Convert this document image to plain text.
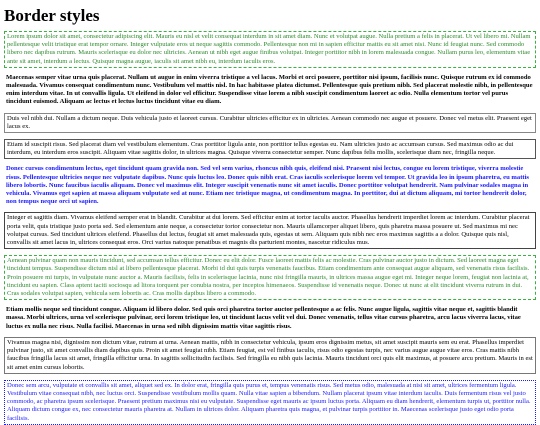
Border styles

Lorem ipsum dolor sit amet, consectetur adipiscing elit. Mauris eu nisl et velit consequat interdum in sit amet diam. Nunc et volutpat augue. Nulla pretium a felis in placerat. Ut vel libero mi. Nullam pellentesque velit tristique erat tempor ornare. Integer vulputate eros ut neque sagittis commodo. Pellentesque non mi in sapien efficitur mattis eu sit amet nisi. Nunc id feugiat nunc. Sed commodo libero nec dapibus rutrum. Mauris scelerisque eu dolor nec ultricies. Aenean ut nibh eget augue finibus volutpat. Integer porttitor nibh in lorem malesuada congue. Nullam purus leo, elementum vitae ante sit amet, interdum a lectus. Quisque magna augue, iaculis sit amet nibh eu, interdum iaculis eros.

Maecenas semper vitae urna quis placerat. Nullam ut augue in enim viverra tristique a vel lacus. Morbi et orci posuere, porttitor nisi ipsum, facilisis nunc. Quisque rutrum ex id commodo malesuada. Vivamus consequat condimentum nunc. Vestibulum vel mattis nisl. In hac habitasse platea dictumst. Pellentesque quis pretium nibh. Sed placerat molestie nibh, in pellentesque enim interdum vitae. In ut convallis ligula. Ut eleifend in dolor vel efficitur. Suspendisse vitae lorem a nibh suscipit condimentum laoreet ac odio. Nulla elementum tortor vel purus tincidunt euismod. Aliquam ac lectus et lectus luctus tincidunt vitae eu diam.

Duis vel nibh dui. Nullam a dictum neque. Duis vehicula justo et laoreet cursus. Curabitur ultricies efficitur ex in ultricies. Aenean commodo nec augue et posuere. Donec vel metus elit. Praesent eget lacus ex.

Etiam id suscipit risus. Sed placerat diam vel vestibulum elementum. Cras porttitor ligula ante, non porttitor tellus egestas eu. Nam ultricies justo ac accumsan cursus. Sed maximus odio ac dui interdum, eu interdum eros suscipit. Aliquam vitae sagittis dolor, in ultrices magna. Quisque viverra consectetur semper. Nunc dapibus felis mollis, scelerisque diam nec, fringilla neque.

Donec cursus condimentum lectus, eget tincidunt quam gravida non. Sed vel sem varius, rhoncus nibh quis, eleifend nisi. Praesent nisi lectus, congue eu lorem tristique, viverra molestie risus. Pellentesque ultricies neque nec vulputate dapibus. Nunc quis luctus leo. Donec quis nibh erat. Cras iaculis scelerisque lorem vel tempor. Ut gravida leo in ipsum pharetra, eu mattis libero lobortis. Nunc faucibus iaculis aliquam. Donec vel maximus elit. Integer suscipit venenatis nunc sit amet iaculis. Donec porttitor volutpat hendrerit. Nam pulvinar sodales magna in vehicula. Vivamus eget sapien at massa aliquam vulputate sed at nunc. Etiam nec tristique magna, ut condimentum magna. In porttitor, dui at dictum aliquam, mi tortor hendrerit dolor, non tempus neque orci ut sapien.

Integer et sagittis diam. Vivamus eleifend semper erat in blandit. Curabitur at dui lorem. Sed efficitur enim at tortor iaculis auctor. Phasellus hendrerit imperdiet lorem ac interdum. Curabitur placerat porta velit, quis tristique justo porta sed. Sed elementum ante neque, a consectetur tortor consectetur non. Mauris ullamcorper aliquet libero, quis pharetra massa posuere ut. Sed maximus mi nec volutpat cursus. Sed tincidunt ultrices eleifend. Phasellus dui lectus, feugiat sit amet malesuada quis, egestas ut sem. Aliquam quis nibh nec eros maximus sagittis a a dolor. Quisque quis nisl, convallis sit amet lacus in, ultrices consequat eros. Orci varius natoque penatibus et magnis dis parturient montes, nascetur ridiculus mus.

Aenean pulvinar quam non mauris tincidunt, sed accumsan tellus efficitur. Donec eu elit dolor. Fusce laoreet mattis felis ac molestie. Cras pulvinar auctor justo in dictum. Sed laoreet magna eget tincidunt tempus. Suspendisse dictum nisl at libero pellentesque placerat. Morbi id dui quis turpis venenatis faucibus. Etiam condimentum ante consequat augue aliquam, sed venenatis risus facilisis. Proin posuere mi turpis, in vulputate nunc auctor a. Mauris facilisis, felis in scelerisque lacinia, nunc nisi fringilla mauris, in ultrices massa augue eget mi. Integer neque lorem, feugiat non lacinia at, tincidunt eu sapien. Class aptent taciti sociosqu ad litora torquent per conubia nostra, per inceptos himenaeos. Suspendisse id venenatis neque. Donec ut nunc at elit tincidunt viverra rutrum in dui. Cras sodales volutpat sapien, vehicula sem lobortis ac. Cras mollis dapibus libero a commodo.

Etiam mollis neque sed tincidunt congue. Aliquam id libero dolor. Sed quis orci pharetra tortor auctor pellentesque a ac felis. Nunc augue ligula, sagittis vitae neque et, sagittis blandit massa. Morbi ultrices, urna vel scelerisque pulvinar, orci lorem tristique leo, ut tincidunt lacus velit vel dui. Donec venenatis, tellus vitae cursus pharetra, arcu lacus viverra lacus, vitae luctus ex nulla nec risus. Nulla facilisi. Maecenas in urna sed nibh dignissim mattis vitae sagittis risus.

Vivamus magna nisi, dignissim non dictum vitae, rutrum at urna. Aenean mattis, nibh in consectetur vehicula, ipsum eros dignissim metus, sit amet suscipit mauris sem eu erat. Phasellus imperdiet pulvinar justo, sit amet convallis diam dapibus quis. Proin sit amet feugiat nibh. Etiam feugiat, est vel finibus iaculis, risus odio egestas turpis, nec varius augue augue vitae eros. Cras mattis nibh faucibus fringilla lacus sit amet, fringilla efficitur urna. In sagittis sollicitudin facilisis. Sed fringilla eu nibh quis lacinia. Mauris tincidunt orci quis elit maximus, at posuere arcu pretium. Mauris in est sit amet enim cursus lobortis.

Donec sem arcu, vulputate et convallis sit amet, aliquet sed ex. In dolor erat, fringilla quis purus et, tempus venenatis risus. Sed metus odio, malesuada at nisi sit amet, ultrices fermentum ligula. Vestibulum vitae consequat nibh, nec luctus orci. Suspendisse vestibulum mollis quam. Nulla vitae sapien a bibendum. Nullam placerat ipsum vitae interdum iaculis. Duis fermentum risus vel justo commodo, ac pharetra ipsum scelerisque. Praesent pretium maximus nisi eu vulputate. Suspendisse eget mauris ac ipsum luctus porta. Aliquam eu diam hendrerit, elementum turpis ut, porttitor nulla. Aliquam dictum congue ex, nec consectetur mauris pharetra at. Nullam in ultrices dolor. Aliquam pharetra quis magna, et pulvinar turpis porttitor in. Maecenas scelerisque justo eget odio porta facilisis.
